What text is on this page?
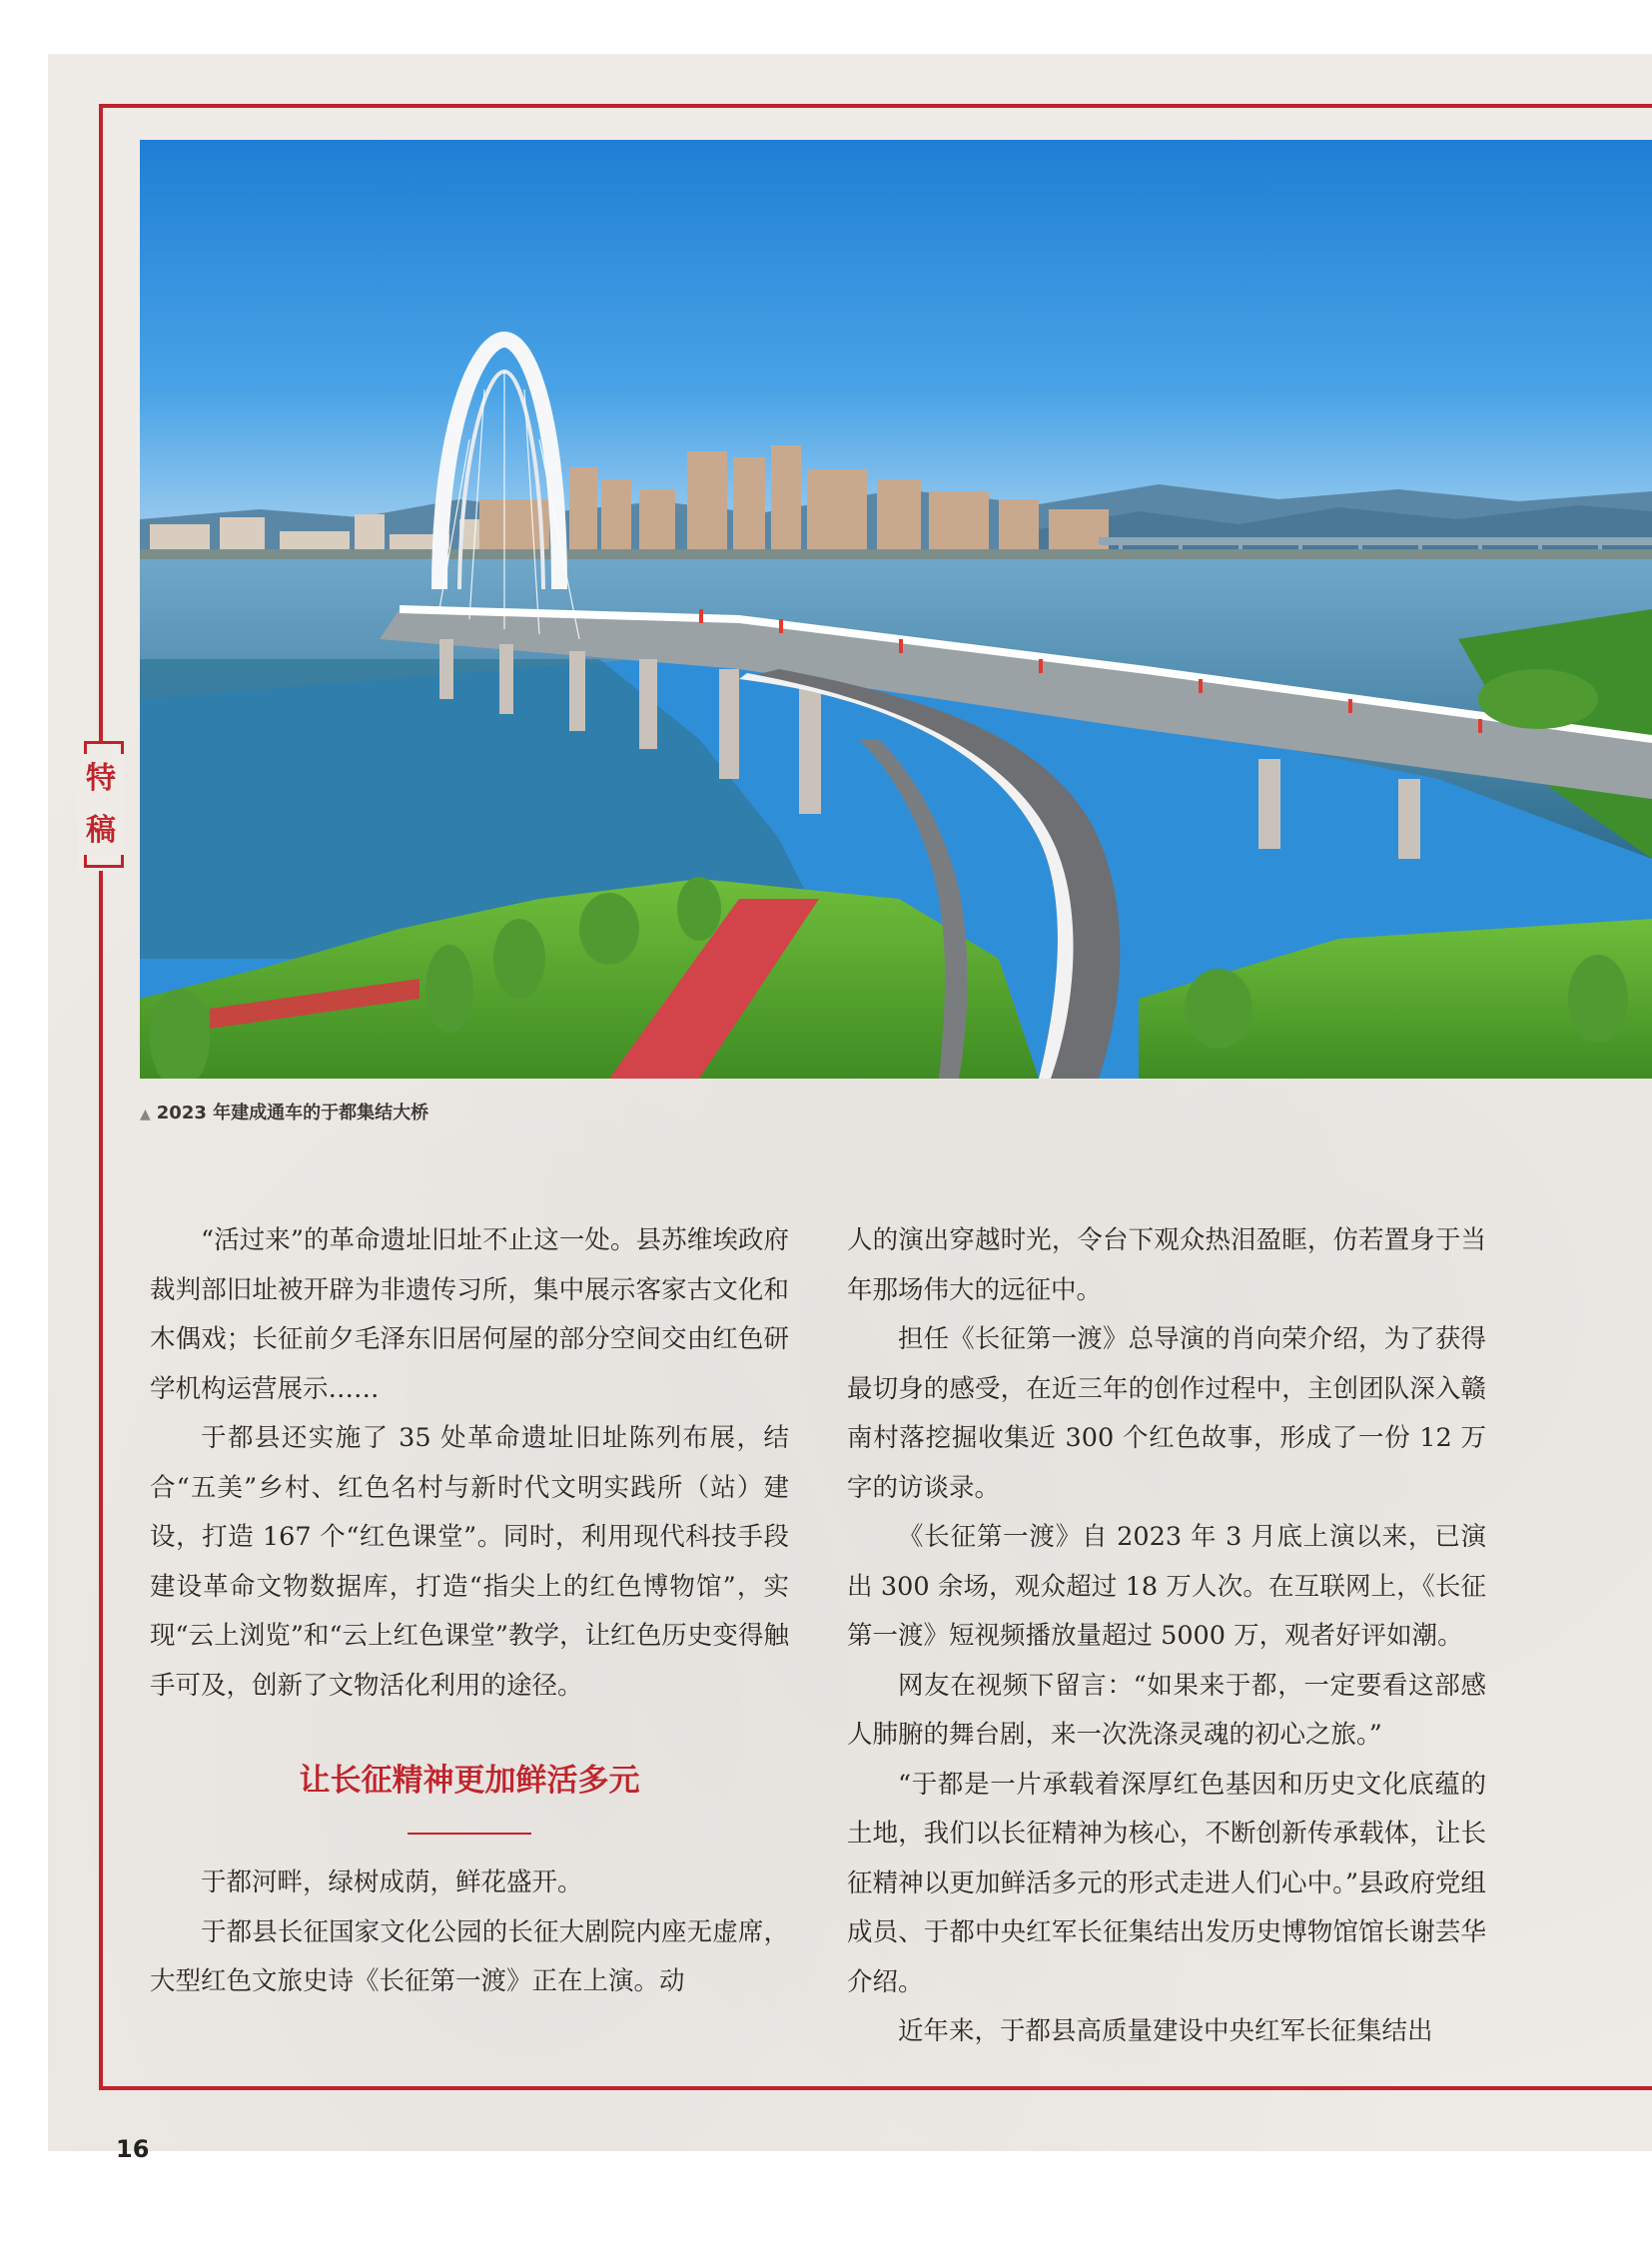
特
稿
▲ 2023 年建成通车的于都集结大桥

“活过来”的革命遗址旧址不止这一处。县苏维埃政府裁判部旧址被开辟为非遗传习所，集中展示客家古文化和木偶戏；长征前夕毛泽东旧居何屋的部分空间交由红色研学机构运营展示……

于都县还实施了 35 处革命遗址旧址陈列布展，结合“五美”乡村、红色名村与新时代文明实践所（站）建设，打造 167 个“红色课堂”。同时，利用现代科技手段建设革命文物数据库，打造“指尖上的红色博物馆”，实现“云上浏览”和“云上红色课堂”教学，让红色历史变得触手可及，创新了文物活化利用的途径。

让长征精神更加鲜活多元

于都河畔，绿树成荫，鲜花盛开。

于都县长征国家文化公园的长征大剧院内座无虚席，大型红色文旅史诗《长征第一渡》正在上演。动

人的演出穿越时光，令台下观众热泪盈眶，仿若置身于当年那场伟大的远征中。

担任《长征第一渡》总导演的肖向荣介绍，为了获得最切身的感受，在近三年的创作过程中，主创团队深入赣南村落挖掘收集近 300 个红色故事，形成了一份 12 万字的访谈录。

《长征第一渡》自 2023 年 3 月底上演以来，已演出 300 余场，观众超过 18 万人次。在互联网上，《长征第一渡》短视频播放量超过 5000 万，观者好评如潮。

网友在视频下留言：“如果来于都，一定要看这部感人肺腑的舞台剧，来一次洗涤灵魂的初心之旅。”

“于都是一片承载着深厚红色基因和历史文化底蕴的土地，我们以长征精神为核心，不断创新传承载体，让长征精神以更加鲜活多元的形式走进人们心中。”县政府党组成员、于都中央红军长征集结出发历史博物馆馆长谢芸华介绍。

近年来，于都县高质量建设中央红军长征集结出

16
